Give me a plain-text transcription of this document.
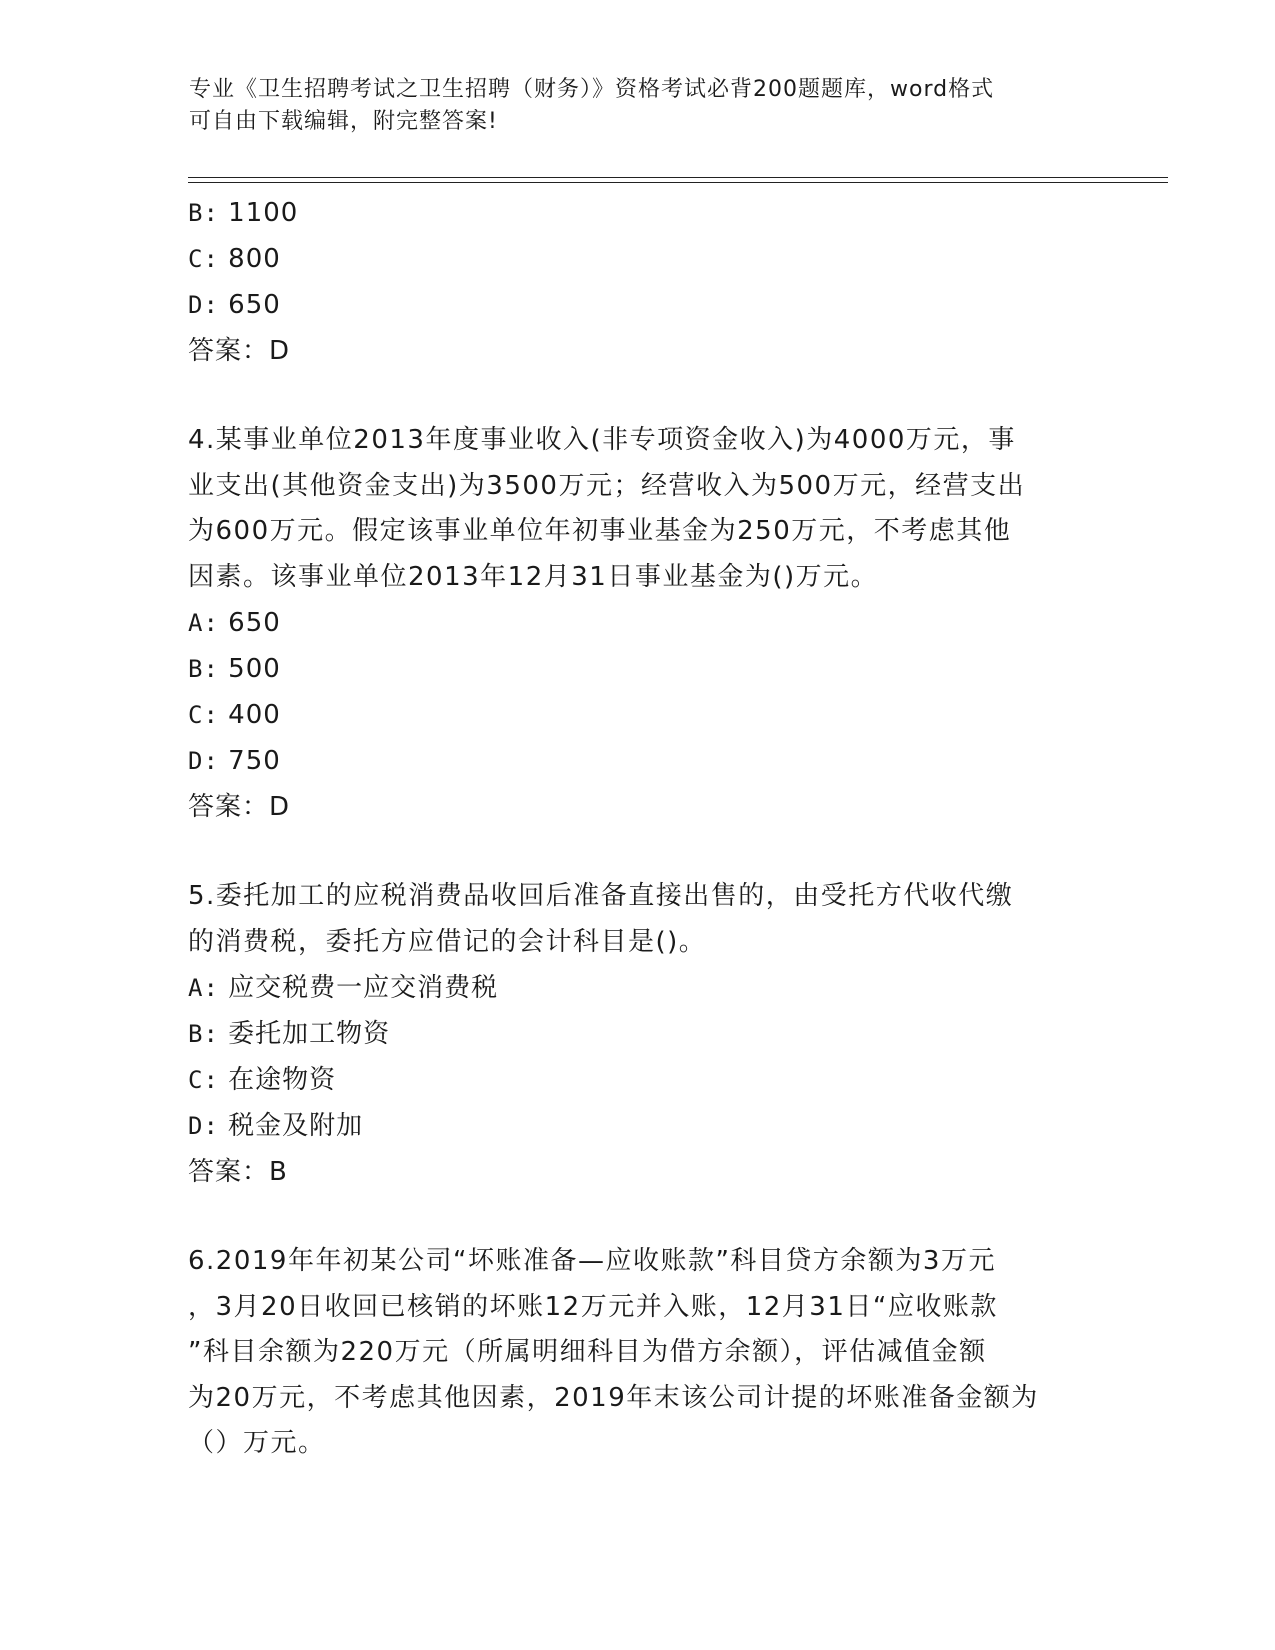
专业《卫生招聘考试之卫生招聘（财务）》资格考试必背200题题库，word格式
可自由下载编辑，附完整答案!
B: 1100
C: 800
D: 650
答案：D
4.某事业单位2013年度事业收入(非专项资金收入)为4000万元，事
业支出(其他资金支出)为3500万元；经营收入为500万元，经营支出
为600万元。假定该事业单位年初事业基金为250万元，不考虑其他
因素。该事业单位2013年12月31日事业基金为()万元。
A: 650
B: 500
C: 400
D: 750
答案：D
5.委托加工的应税消费品收回后准备直接出售的，由受托方代收代缴
的消费税，委托方应借记的会计科目是()。
A: 应交税费一应交消费税
B: 委托加工物资
C: 在途物资
D: 税金及附加
答案：B
6.2019年年初某公司“坏账准备—应收账款”科目贷方余额为3万元
，3月20日收回已核销的坏账12万元并入账，12月31日“应收账款
”科目余额为220万元（所属明细科目为借方余额），评估减值金额
为20万元，不考虑其他因素，2019年末该公司计提的坏账准备金额为
（）万元。
